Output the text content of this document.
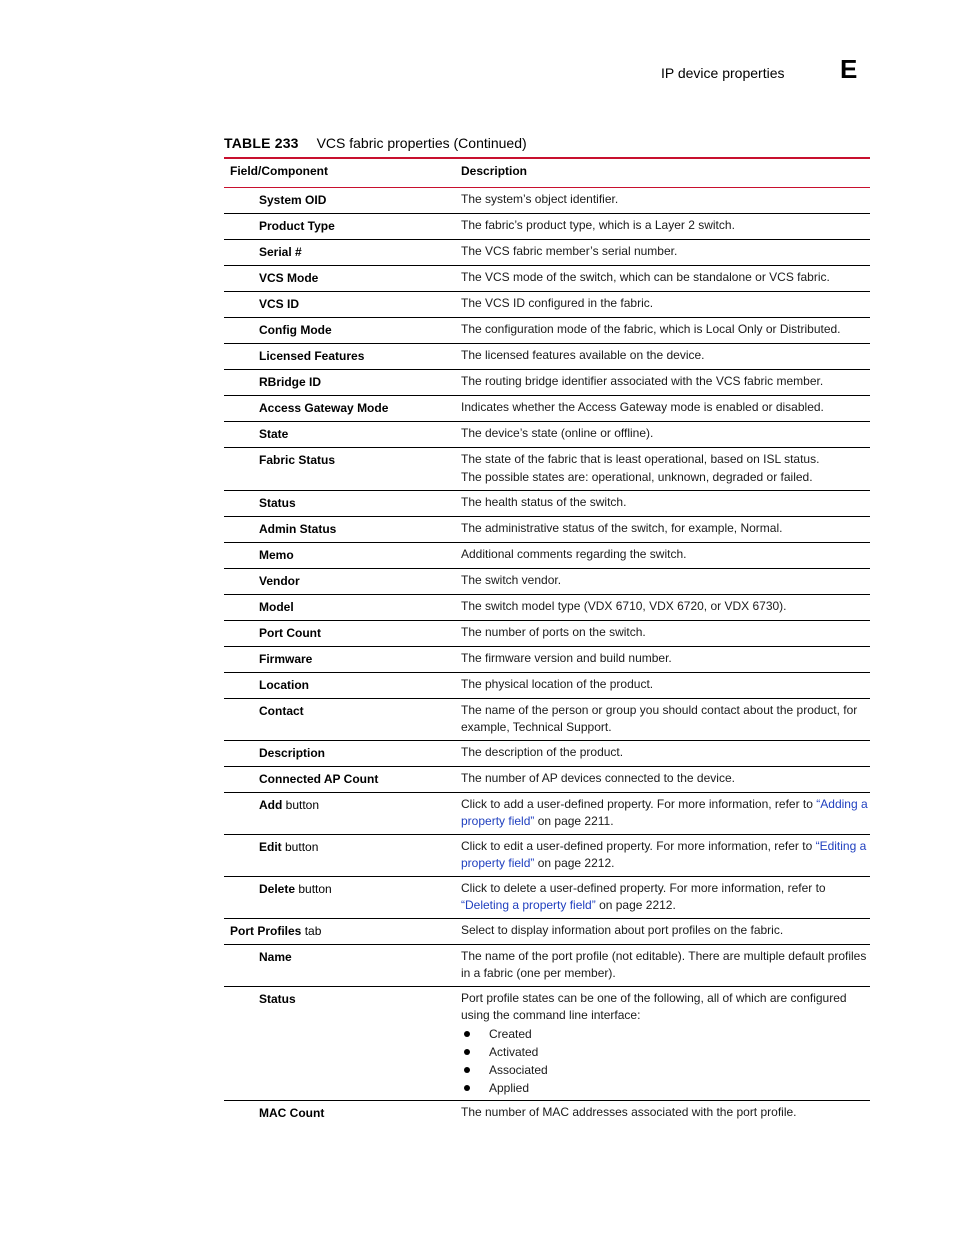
IP device properties E
TABLE 233 VCS fabric properties (Continued)
Field/Component	Description
System OID	The system’s object identifier.
Product Type	The fabric’s product type, which is a Layer 2 switch.
Serial #	The VCS fabric member’s serial number.
VCS Mode	The VCS mode of the switch, which can be standalone or VCS fabric.
VCS ID	The VCS ID configured in the fabric.
Config Mode	The configuration mode of the fabric, which is Local Only or Distributed.
Licensed Features	The licensed features available on the device.
RBridge ID	The routing bridge identifier associated with the VCS fabric member.
Access Gateway Mode	Indicates whether the Access Gateway mode is enabled or disabled.
State	The device’s state (online or offline).
Fabric Status	The state of the fabric that is least operational, based on ISL status.
The possible states are: operational, unknown, degraded or failed.
Status	The health status of the switch.
Admin Status	The administrative status of the switch, for example, Normal.
Memo	Additional comments regarding the switch.
Vendor	The switch vendor.
Model	The switch model type (VDX 6710, VDX 6720, or VDX 6730).
Port Count	The number of ports on the switch.
Firmware	The firmware version and build number.
Location	The physical location of the product.
Contact	The name of the person or group you should contact about the product, for example, Technical Support.
Description	The description of the product.
Connected AP Count	The number of AP devices connected to the device.
Add button	Click to add a user-defined property. For more information, refer to “Adding a property field” on page 2211.
Edit button	Click to edit a user-defined property. For more information, refer to “Editing a property field” on page 2212.
Delete button	Click to delete a user-defined property. For more information, refer to “Deleting a property field” on page 2212.
Port Profiles tab	Select to display information about port profiles on the fabric.
Name	The name of the port profile (not editable). There are multiple default profiles in a fabric (one per member).
Status	Port profile states can be one of the following, all of which are configured using the command line interface:
Created
Activated
Associated
Applied
MAC Count	The number of MAC addresses associated with the port profile.
